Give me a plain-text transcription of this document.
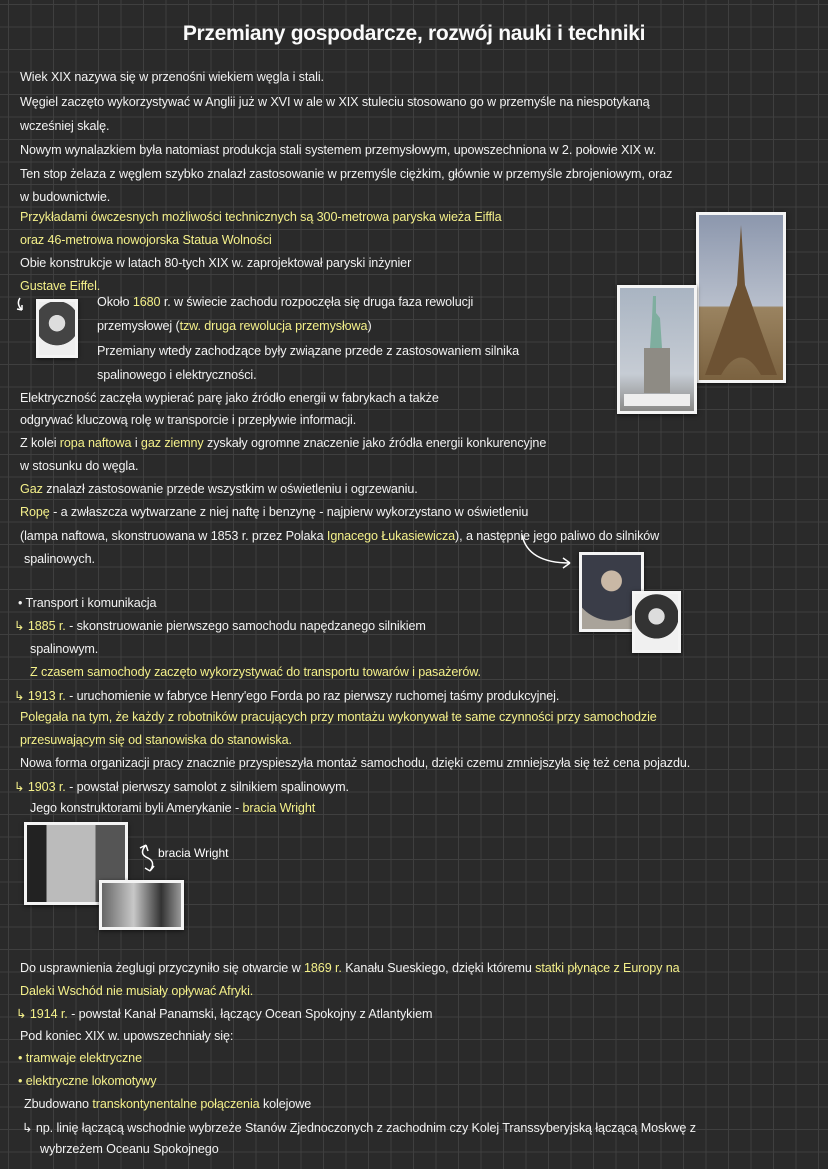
Przemiany gospodarcze, rozwój nauki i techniki
Wiek XIX nazywa się w przenośni wiekiem węgla i stali.
Węgiel zaczęto wykorzystywać w Anglii już w XVI w ale w XIX stuleciu stosowano go w przemyśle na niespotykaną
wcześniej skalę.
Nowym wynalazkiem była natomiast produkcja stali systemem przemysłowym, upowszechniona w 2. połowie XIX w.
Ten stop żelaza z węglem szybko znalazł zastosowanie w przemyśle ciężkim, głównie w przemyśle zbrojeniowym, oraz
w budownictwie.
Przykładami ówczesnych możliwości technicznych są 300-metrowa paryska wieża Eiffla
oraz 46-metrowa nowojorska Statua Wolności
Obie konstrukcje w latach 80-tych XIX w. zaprojektował paryski inżynier
Gustave Eiffel.
Około 1680 r. w świecie zachodu rozpoczęła się druga faza rewolucji
przemysłowej (tzw. druga rewolucja przemysłowa)
Przemiany wtedy zachodzące były związane przede z zastosowaniem silnika
spalinowego i elektryczności.
Elektryczność zaczęła wypierać parę jako źródło energii w fabrykach a także
odgrywać kluczową rolę w transporcie i przepływie informacji.
Z kolei ropa naftowa i gaz ziemny zyskały ogromne znaczenie jako źródła energii konkurencyjne
w stosunku do węgla.
Gaz znalazł zastosowanie przede wszystkim w oświetleniu i ogrzewaniu.
Ropę - a zwłaszcza wytwarzane z niej naftę i benzynę - najpierw wykorzystano w oświetleniu
(lampa naftowa, skonstruowana w 1853 r. przez Polaka Ignacego Łukasiewicza), a następnie jego paliwo do silników
spalinowych.
• Transport i komunikacja
↳ 1885 r. - skonstruowanie pierwszego samochodu napędzanego silnikiem
spalinowym.
Z czasem samochody zaczęto wykorzystywać do transportu towarów i pasażerów.
↳ 1913 r. - uruchomienie w fabryce Henry'ego Forda po raz pierwszy ruchomej taśmy produkcyjnej.
Polegała na tym, że każdy z robotników pracujących przy montażu wykonywał te same czynności przy samochodzie
przesuwającym się od stanowiska do stanowiska.
Nowa forma organizacji pracy znacznie przyspieszyła montaż samochodu, dzięki czemu zmniejszyła się też cena pojazdu.
↳ 1903 r. - powstał pierwszy samolot z silnikiem spalinowym.
Jego konstruktorami byli Amerykanie - bracia Wright
Do usprawnienia żeglugi przyczyniło się otwarcie w 1869 r. Kanału Sueskiego, dzięki któremu statki płynące z Europy na
Daleki Wschód nie musiały opływać Afryki.
↳ 1914 r. - powstał Kanał Panamski, łączący Ocean Spokojny z Atlantykiem
Pod koniec XIX w. upowszechniały się:
• tramwaje elektryczne
• elektryczne lokomotywy
Zbudowano transkontynentalne połączenia kolejowe
↳ np. linię łączącą wschodnie wybrzeże Stanów Zjednoczonych z zachodnim czy Kolej Transsyberyjską łączącą Moskwę z
wybrzeżem Oceanu Spokojnego
bracia Wright
